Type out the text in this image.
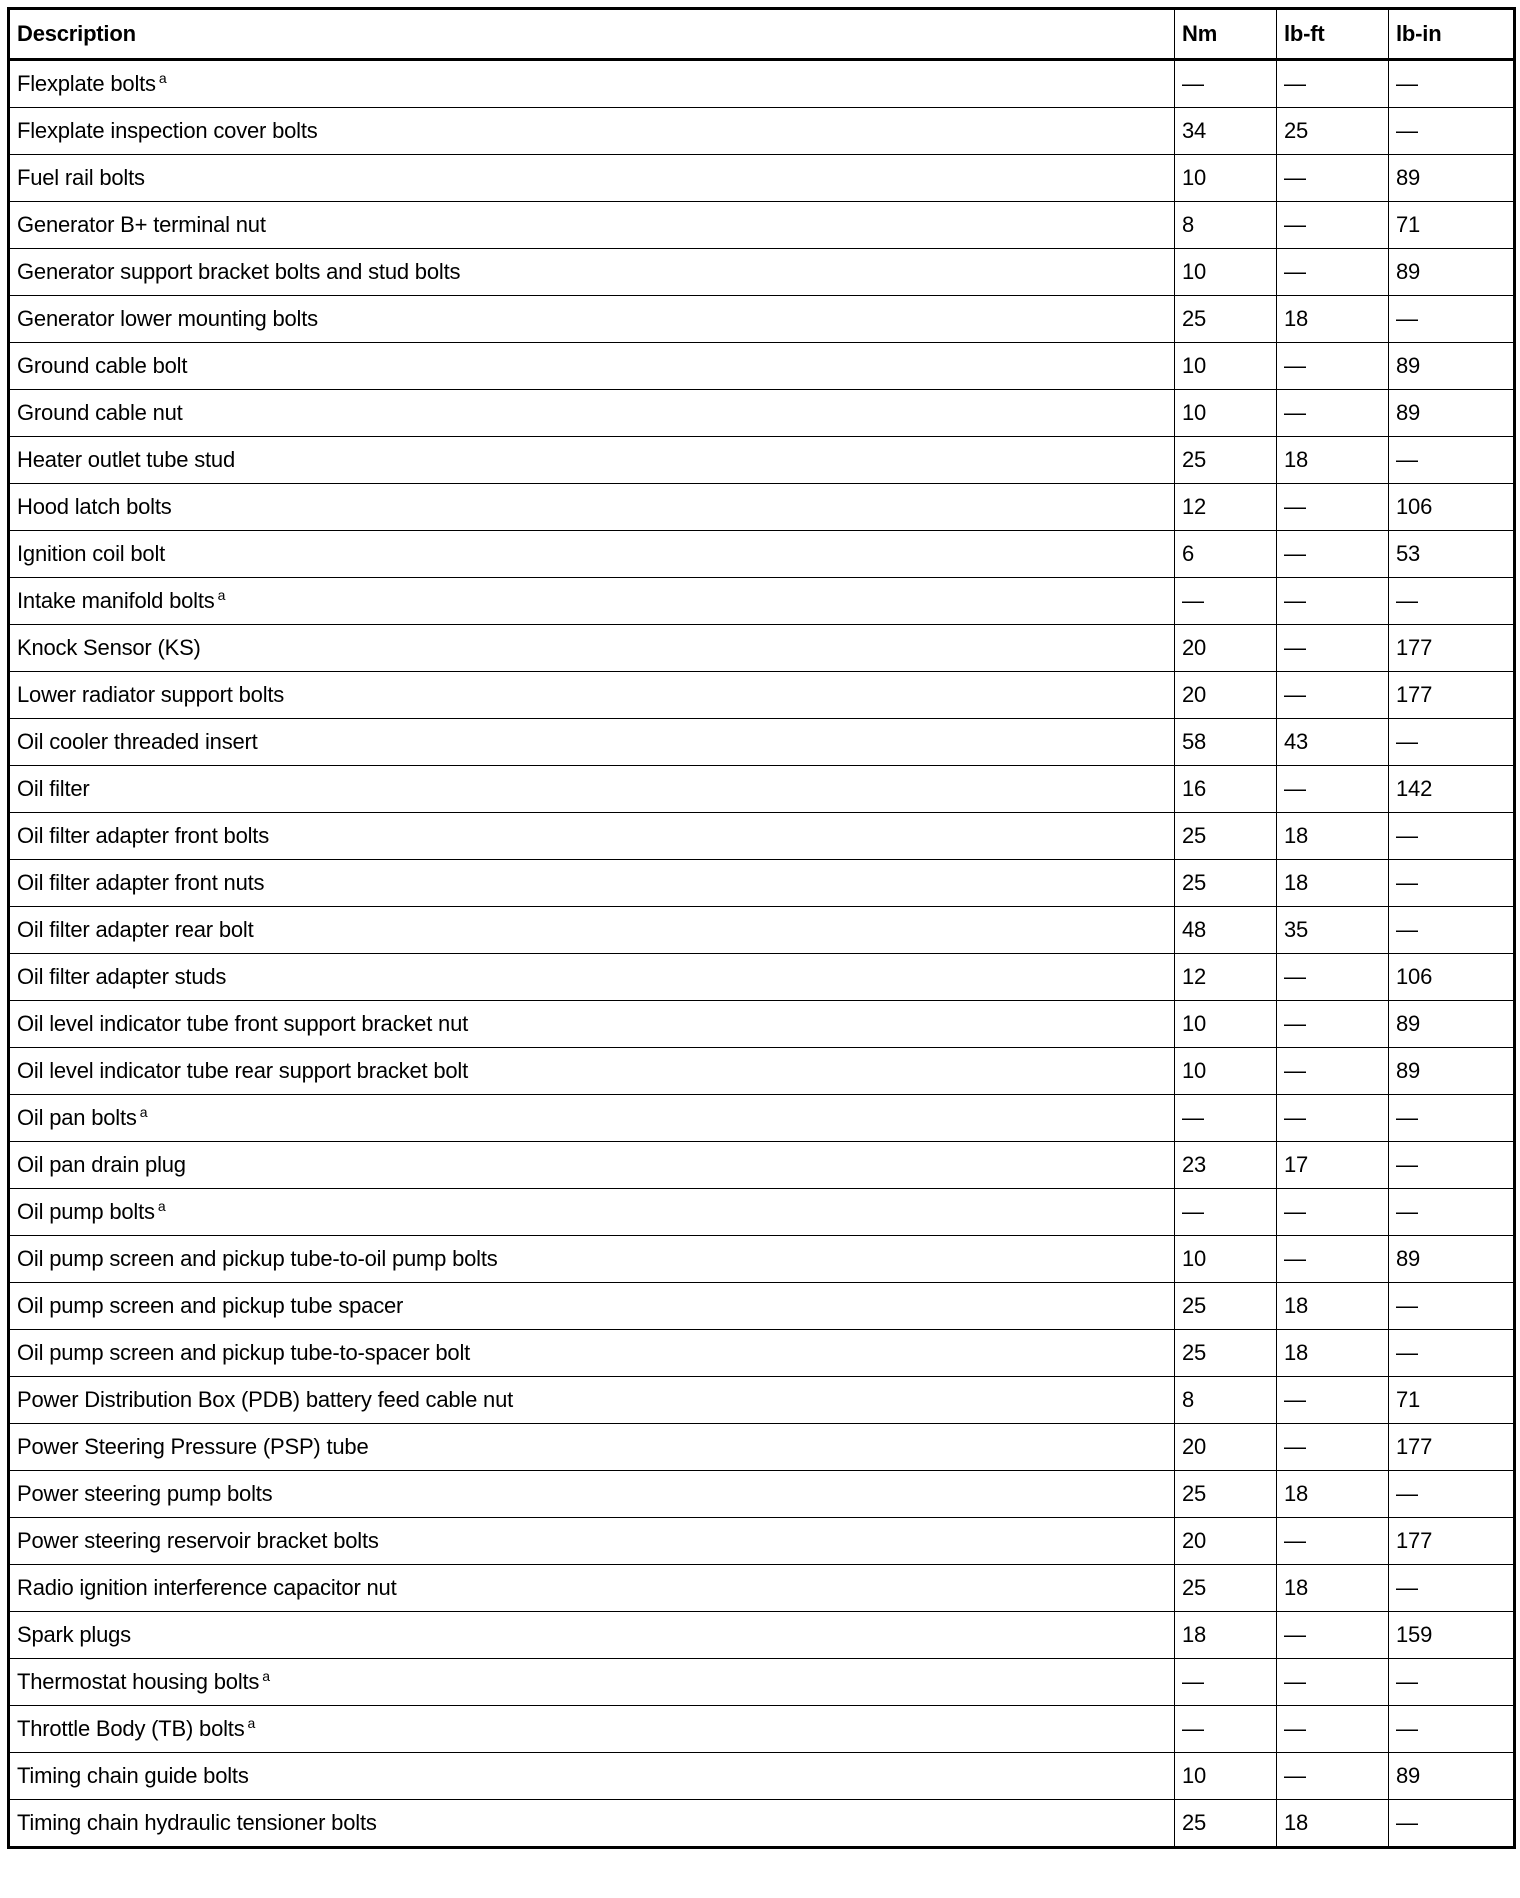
Description	Nm	lb-ft	lb-in
Flexplate bolts $^a$	—	—	—
Flexplate inspection cover bolts	34	25	—
Fuel rail bolts	10	—	89
Generator B+ terminal nut	8	—	71
Generator support bracket bolts and stud bolts	10	—	89
Generator lower mounting bolts	25	18	—
Ground cable bolt	10	—	89
Ground cable nut	10	—	89
Heater outlet tube stud	25	18	—
Hood latch bolts	12	—	106
Ignition coil bolt	6	—	53
Intake manifold bolts $^a$	—	—	—
Knock Sensor (KS)	20	—	177
Lower radiator support bolts	20	—	177
Oil cooler threaded insert	58	43	—
Oil filter	16	—	142
Oil filter adapter front bolts	25	18	—
Oil filter adapter front nuts	25	18	—
Oil filter adapter rear bolt	48	35	—
Oil filter adapter studs	12	—	106
Oil level indicator tube front support bracket nut	10	—	89
Oil level indicator tube rear support bracket bolt	10	—	89
Oil pan bolts $^a$	—	—	—
Oil pan drain plug	23	17	—
Oil pump bolts $^a$	—	—	—
Oil pump screen and pickup tube-to-oil pump bolts	10	—	89
Oil pump screen and pickup tube spacer	25	18	—
Oil pump screen and pickup tube-to-spacer bolt	25	18	—
Power Distribution Box (PDB) battery feed cable nut	8	—	71
Power Steering Pressure (PSP) tube	20	—	177
Power steering pump bolts	25	18	—
Power steering reservoir bracket bolts	20	—	177
Radio ignition interference capacitor nut	25	18	—
Spark plugs	18	—	159
Thermostat housing bolts $^a$	—	—	—
Throttle Body (TB) bolts $^a$	—	—	—
Timing chain guide bolts	10	—	89
Timing chain hydraulic tensioner bolts	25	18	—
